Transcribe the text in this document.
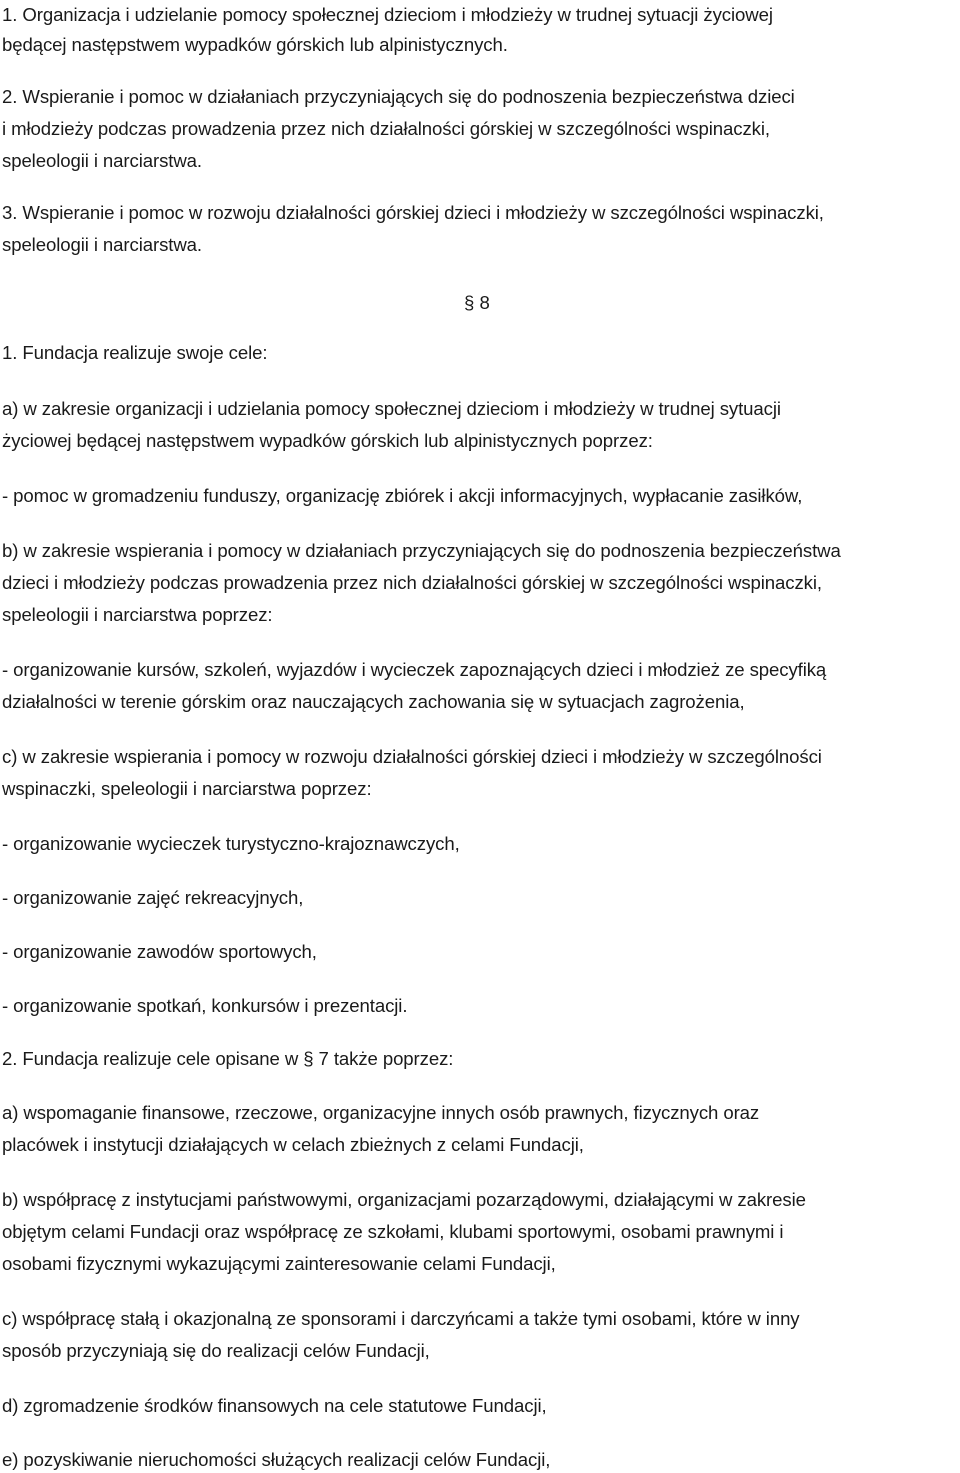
1. Organizacja i udzielanie pomocy społecznej dzieciom i młodzieży w trudnej sytuacji życiowej
będącej następstwem wypadków górskich lub alpinistycznych.
2. Wspieranie i pomoc w działaniach przyczyniających się do podnoszenia bezpieczeństwa dzieci
i młodzieży podczas prowadzenia przez nich działalności górskiej w szczególności wspinaczki,
speleologii i narciarstwa.
3. Wspieranie i pomoc w rozwoju działalności górskiej dzieci i młodzieży w szczególności wspinaczki,
speleologii i narciarstwa.
§ 8
1. Fundacja realizuje swoje cele:
a) w zakresie organizacji i udzielania pomocy społecznej dzieciom i młodzieży w trudnej sytuacji
życiowej będącej następstwem wypadków górskich lub alpinistycznych poprzez:
- pomoc w gromadzeniu funduszy, organizację zbiórek i akcji informacyjnych, wypłacanie zasiłków,
b) w zakresie wspierania i pomocy w działaniach przyczyniających się do podnoszenia bezpieczeństwa
dzieci i młodzieży podczas prowadzenia przez nich działalności górskiej w szczególności wspinaczki,
speleologii i narciarstwa poprzez:
- organizowanie kursów, szkoleń, wyjazdów i wycieczek zapoznających dzieci i młodzież ze specyfiką
działalności w terenie górskim oraz nauczających zachowania się w sytuacjach zagrożenia,
c) w zakresie wspierania i pomocy w rozwoju działalności górskiej dzieci i młodzieży w szczególności
wspinaczki, speleologii i narciarstwa poprzez:
- organizowanie wycieczek turystyczno-krajoznawczych,
- organizowanie zajęć rekreacyjnych,
- organizowanie zawodów sportowych,
- organizowanie spotkań, konkursów i prezentacji.
2. Fundacja realizuje cele opisane w § 7 także poprzez:
a) wspomaganie finansowe, rzeczowe, organizacyjne innych osób prawnych, fizycznych oraz
placówek i instytucji działających w celach zbieżnych z celami Fundacji,
b) współpracę z instytucjami państwowymi, organizacjami pozarządowymi, działającymi w zakresie
objętym celami Fundacji oraz współpracę ze szkołami, klubami sportowymi, osobami prawnymi i
osobami fizycznymi wykazującymi zainteresowanie celami Fundacji,
c) współpracę stałą i okazjonalną ze sponsorami i darczyńcami a także tymi osobami, które w inny
sposób przyczyniają się do realizacji celów Fundacji,
d) zgromadzenie środków finansowych na cele statutowe Fundacji,
e) pozyskiwanie nieruchomości służących realizacji celów Fundacji,
